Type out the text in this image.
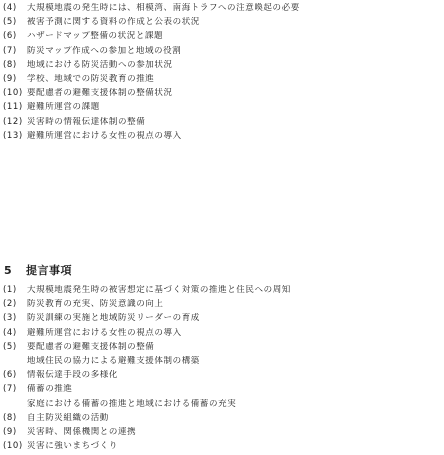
(4)	大規模地震の発生時には、相模湾、南海トラフへの注意喚起の必要
(5)	被害予測に関する資料の作成と公表の状況
(6)	ハザードマップ整備の状況と課題
(7)	防災マップ作成への参加と地域の役割
(8)	地域における防災活動への参加状況
(9)	学校、地域での防災教育の推進
(10) 要配慮者の避難支援体制の整備状況
(11) 避難所運営の課題
(12) 災害時の情報伝達体制の整備
(13) 避難所運営における女性の視点の導入
5	提言事項
(1)	大規模地震発生時の被害想定に基づく対策の推進と住民への周知
(2)	防災教育の充実、防災意識の向上
(3)	防災訓練の実施と地域防災リーダーの育成
(4)	避難所運営における女性の視点の導入
(5)	要配慮者の避難支援体制の整備
地域住民の協力による避難支援体制の構築
(6)	情報伝達手段の多様化
(7)	備蓄の推進
家庭における備蓄の推進と地域における備蓄の充実
(8)	自主防災組織の活動
(9)	災害時、関係機関との連携
(10) 災害に強いまちづくり
